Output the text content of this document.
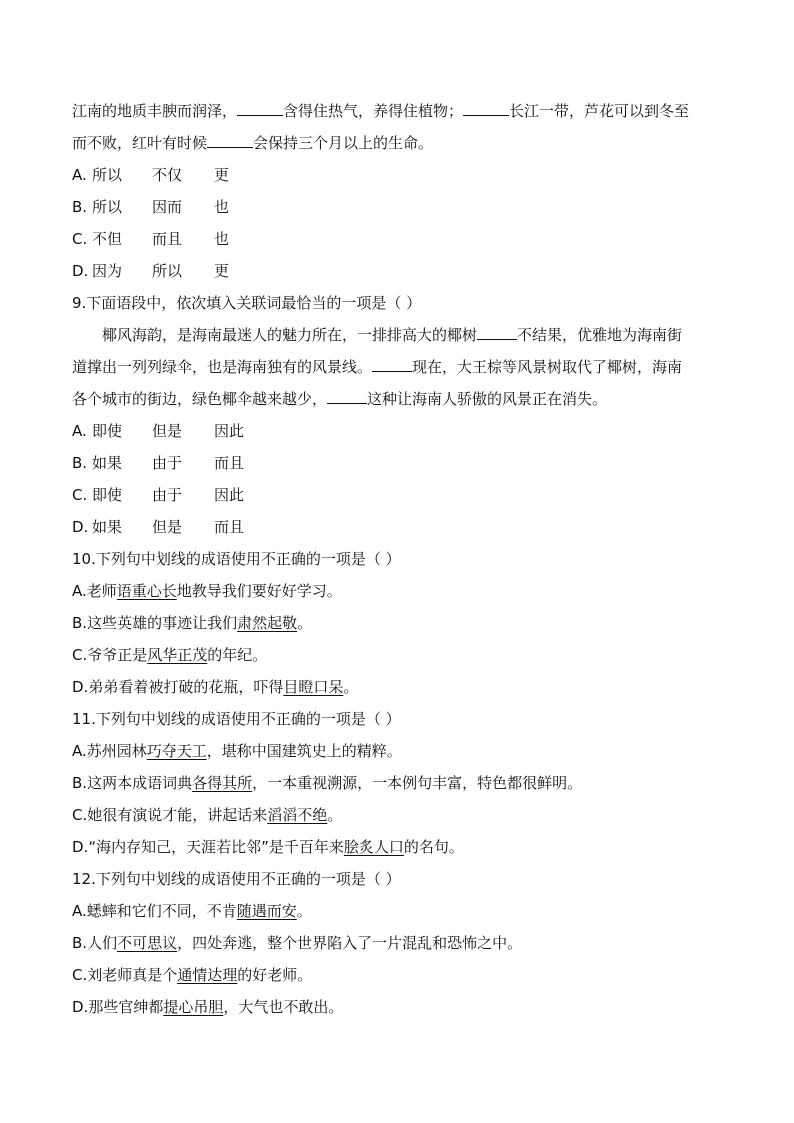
江南的地质丰腴而润泽，	含得住热气，养得住植物；	长江一带，芦花可以到冬至
而不败，红叶有时候	会保持三个月以上的生命。
A. 所以 不仅 更
B. 所以 因而 也
C. 不但 而且 也
D. 因为 所以 更
9.下面语段中，依次填入关联词最恰当的一项是（ ）
椰风海韵，是海南最迷人的魅力所在，一排排高大的椰树	不结果，优雅地为海南街
道撑出一列列绿伞，也是海南独有的风景线。	现在，大王棕等风景树取代了椰树，海南
各个城市的街边，绿色椰伞越来越少，	这种让海南人骄傲的风景正在消失。
A. 即使 但是 因此
B. 如果 由于 而且
C. 即使 由于 因此
D. 如果 但是 而且
10.下列句中划线的成语使用不正确的一项是（ ）
A.老师语重心长地教导我们要好好学习。
B.这些英雄的事迹让我们肃然起敬。
C.爷爷正是风华正茂的年纪。
D.弟弟看着被打破的花瓶，吓得目瞪口呆。
11.下列句中划线的成语使用不正确的一项是（ ）
A.苏州园林巧夺天工，堪称中国建筑史上的精粹。
B.这两本成语词典各得其所，一本重视溯源，一本例句丰富，特色都很鲜明。
C.她很有演说才能，讲起话来滔滔不绝。
D.“海内存知己，天涯若比邻”是千百年来脍炙人口的名句。
12.下列句中划线的成语使用不正确的一项是（ ）
A.蟋蟀和它们不同，不肯随遇而安。
B.人们不可思议，四处奔逃，整个世界陷入了一片混乱和恐怖之中。
C.刘老师真是个通情达理的好老师。
D.那些官绅都提心吊胆，大气也不敢出。
